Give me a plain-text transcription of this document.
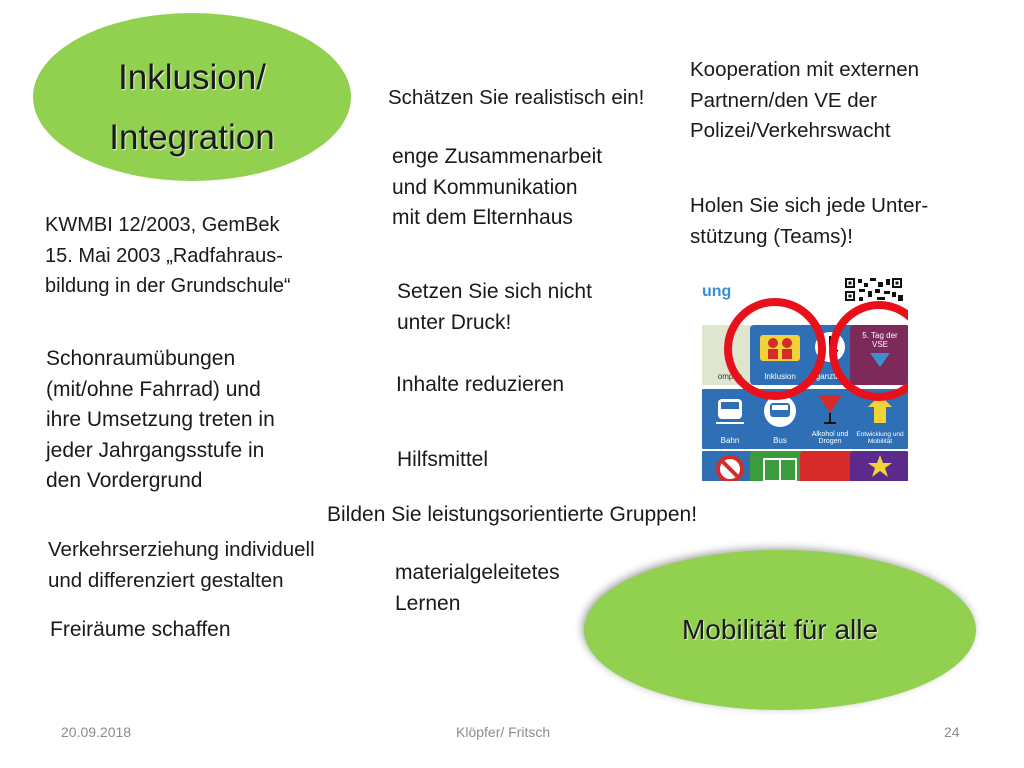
Inklusion/
Integration
Mobilität für alle
KWMBI 12/2003, GemBek
15. Mai 2003 „Radfahraus-
bildung in der Grundschule“
Schonraumübungen
(mit/ohne Fahrrad) und
ihre Umsetzung treten in
jeder Jahrgangsstufe in
den Vordergrund
Verkehrserziehung individuell
und differenziert gestalten
Freiräume schaffen
Schätzen Sie realistisch ein!
enge Zusammenarbeit
und Kommunikation
mit dem Elternhaus
Setzen Sie sich nicht
unter Druck!
Inhalte reduzieren
Hilfsmittel
Bilden Sie leistungsorientierte Gruppen!
materialgeleitetes
Lernen
Kooperation mit externen
Partnern/den VE der
Polizei/Verkehrswacht
Holen Sie sich jede Unter-
stützung (Teams)!
ung
ompen	Inklusion	ganztag
5. Tag der VSE
Bahn	Bus
Alkohol und Drogen
Entwicklung und Mobilität
20.09.2018	Klöpfer/ Fritsch	24
